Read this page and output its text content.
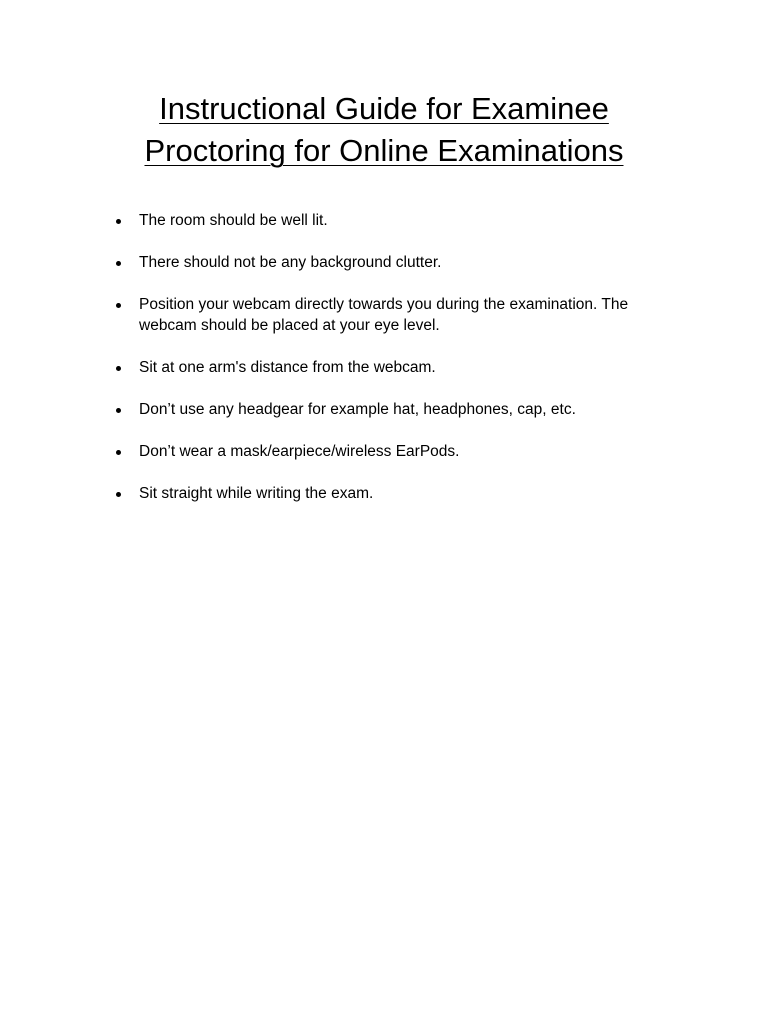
Instructional Guide for Examinee
Proctoring for Online Examinations
The room should be well lit.
There should not be any background clutter.
Position your webcam directly towards you during the examination. The webcam should be placed at your eye level.
Sit at one arm's distance from the webcam.
Don’t use any headgear for example hat, headphones, cap, etc.
Don’t wear a mask/earpiece/wireless EarPods.
Sit straight while writing the exam.
